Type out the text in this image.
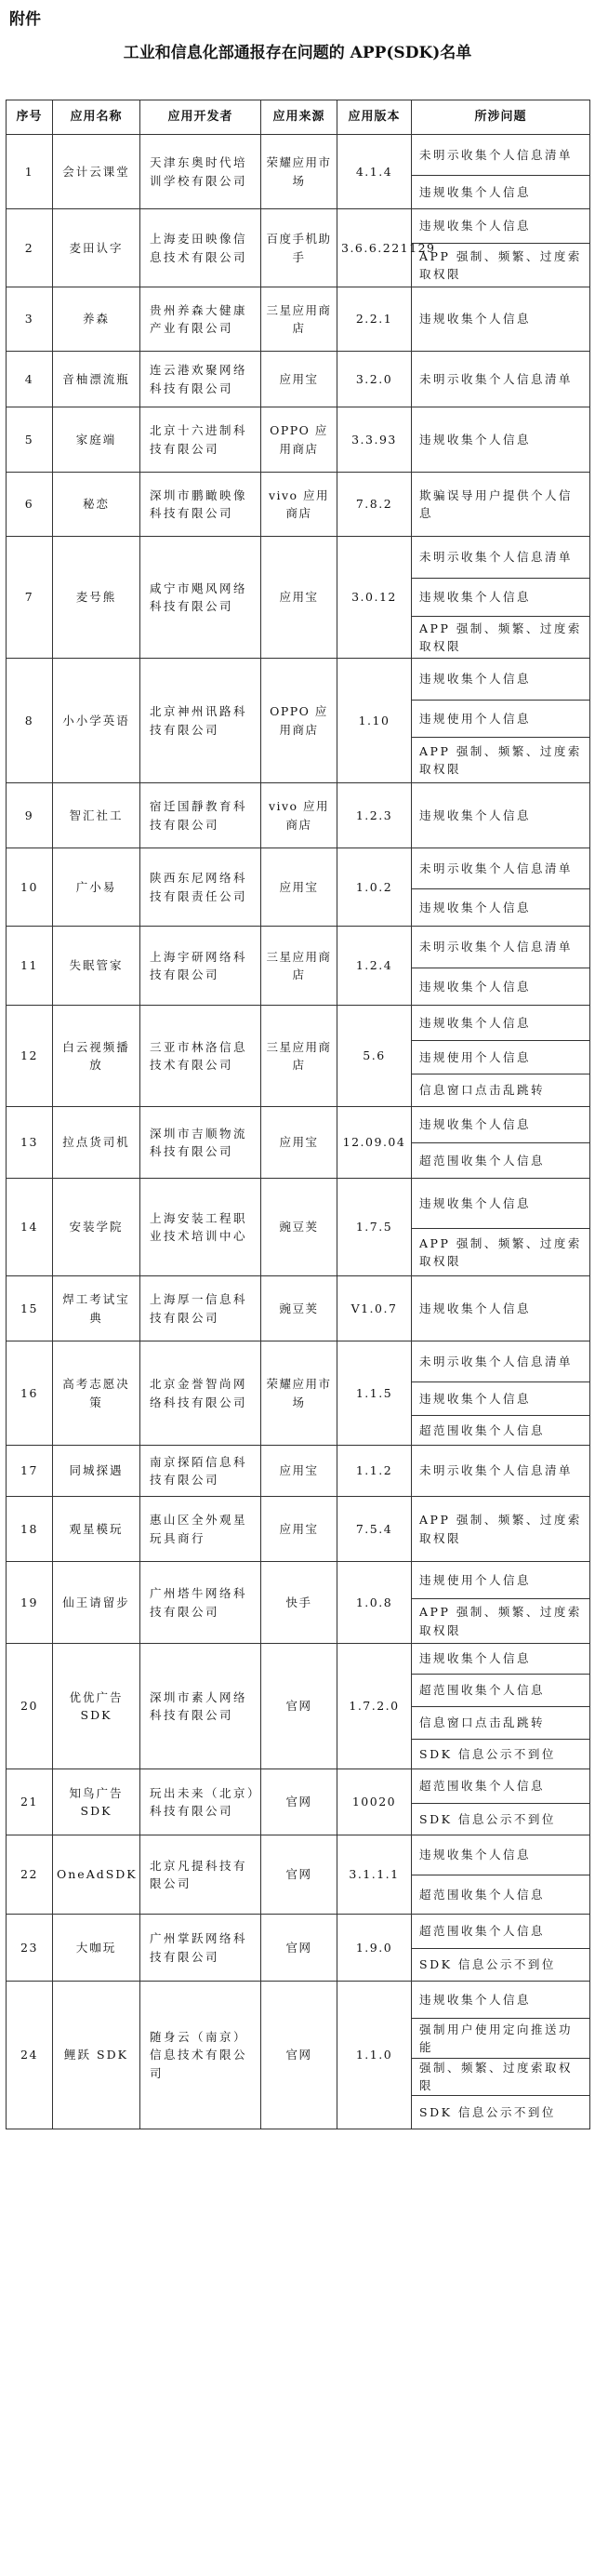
附件
工业和信息化部通报存在问题的 APP(SDK)名单
序号	应用名称	应用开发者	应用来源	应用版本	所涉问题
1	会计云课堂	天津东奥时代培训学校有限公司	荣耀应用市场	4.1.4	未明示收集个人信息清单
					违规收集个人信息
2	麦田认字	上海麦田映像信息技术有限公司	百度手机助手	3.6.6.221129	违规收集个人信息
					APP 强制、频繁、过度索取权限
3	养森	贵州养森大健康产业有限公司	三星应用商店	2.2.1	违规收集个人信息
4	音柚漂流瓶	连云港欢聚网络科技有限公司	应用宝	3.2.0	未明示收集个人信息清单
5	家庭端	北京十六进制科技有限公司	OPPO 应用商店	3.3.93	违规收集个人信息
6	秘恋	深圳市鹏瞰映像科技有限公司	vivo 应用商店	7.8.2	欺骗误导用户提供个人信息
7	麦号熊	咸宁市飓风网络科技有限公司	应用宝	3.0.12	未明示收集个人信息清单
					违规收集个人信息
					APP 强制、频繁、过度索取权限
8	小小学英语	北京神州讯路科技有限公司	OPPO 应用商店	1.10	违规收集个人信息
					违规使用个人信息
					APP 强制、频繁、过度索取权限
9	智汇社工	宿迁国靜教育科技有限公司	vivo 应用商店	1.2.3	违规收集个人信息
10	广小易	陕西东尼网络科技有限责任公司	应用宝	1.0.2	未明示收集个人信息清单
					违规收集个人信息
11	失眠管家	上海宇研网络科技有限公司	三星应用商店	1.2.4	未明示收集个人信息清单
					违规收集个人信息
12	白云视频播放	三亚市林洛信息技术有限公司	三星应用商店	5.6	违规收集个人信息
					违规使用个人信息
					信息窗口点击乱跳转
13	拉点货司机	深圳市吉顺物流科技有限公司	应用宝	12.09.04	违规收集个人信息
					超范围收集个人信息
14	安装学院	上海安装工程职业技术培训中心	豌豆荚	1.7.5	违规收集个人信息
					APP 强制、频繁、过度索取权限
15	焊工考试宝典	上海厚一信息科技有限公司	豌豆荚	V1.0.7	违规收集个人信息
16	高考志愿决策	北京金誉智尚网络科技有限公司	荣耀应用市场	1.1.5	未明示收集个人信息清单
					违规收集个人信息
					超范围收集个人信息
17	同城探遇	南京探陌信息科技有限公司	应用宝	1.1.2	未明示收集个人信息清单
18	观星模玩	惠山区全外观星玩具商行	应用宝	7.5.4	APP 强制、频繁、过度索取权限
19	仙王请留步	广州塔牛网络科技有限公司	快手	1.0.8	违规使用个人信息
					APP 强制、频繁、过度索取权限
20	优优广告 SDK	深圳市素人网络科技有限公司	官网	1.7.2.0	违规收集个人信息
					超范围收集个人信息
					信息窗口点击乱跳转
					SDK 信息公示不到位
21	知鸟广告 SDK	玩出未来（北京）科技有限公司	官网	10020	超范围收集个人信息
					SDK 信息公示不到位
22	OneAdSDK	北京凡提科技有限公司	官网	3.1.1.1	违规收集个人信息
					超范围收集个人信息
23	大咖玩	广州掌跃网络科技有限公司	官网	1.9.0	超范围收集个人信息
					SDK 信息公示不到位
24	鲤跃 SDK	随身云（南京）信息技术有限公司	官网	1.1.0	违规收集个人信息
					强制用户使用定向推送功能
					强制、频繁、过度索取权限
					SDK 信息公示不到位
